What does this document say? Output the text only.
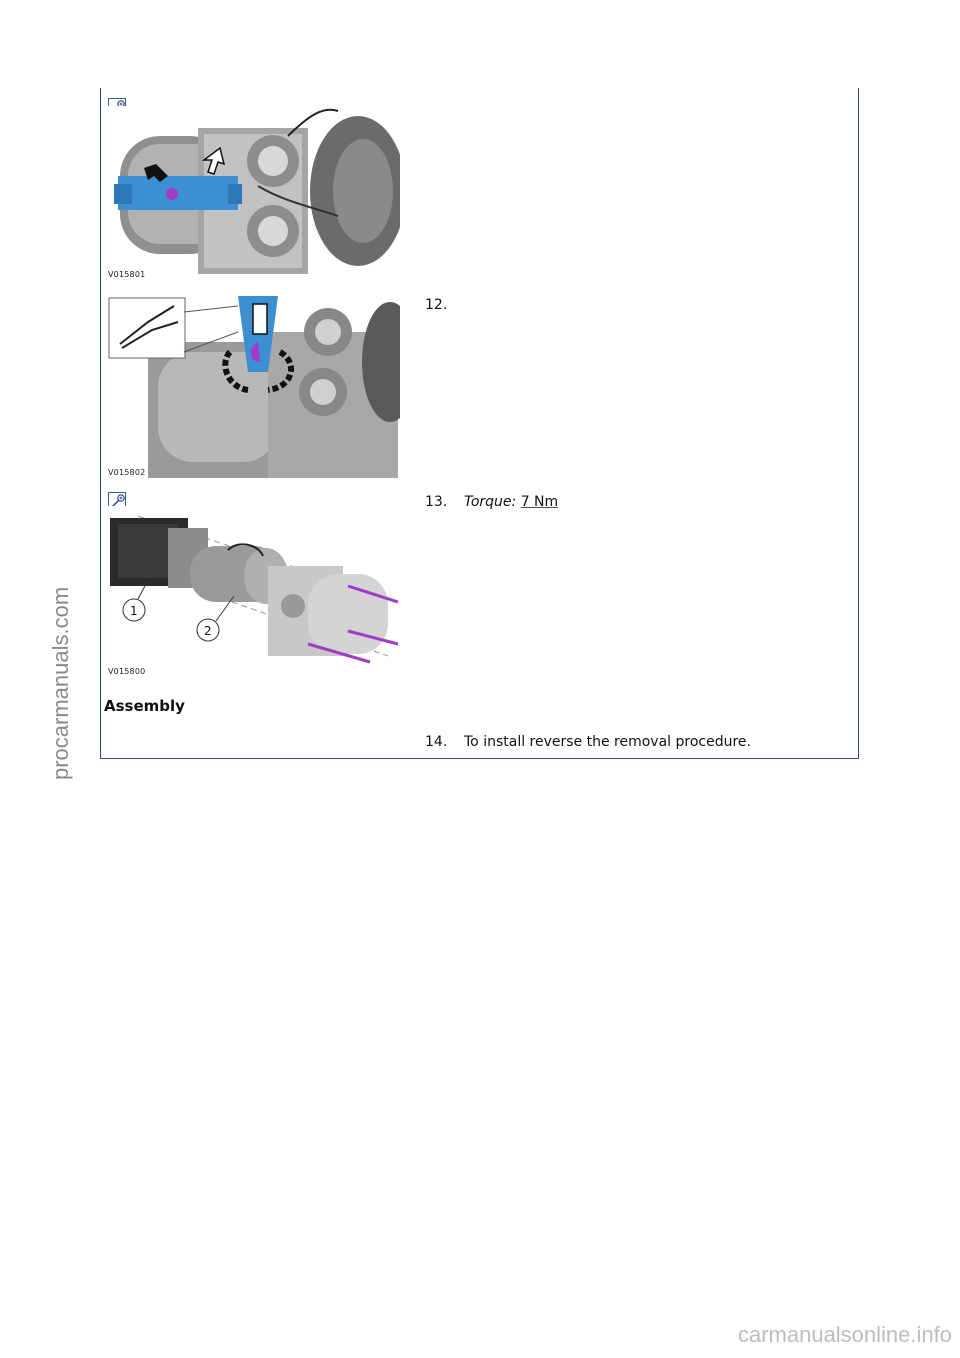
V015801
V015802
12.
1
2
V015800
13. Torque: 7 Nm
Assembly
14. To install reverse the removal procedure.
procarmanuals.com
carmanualsonline.info
